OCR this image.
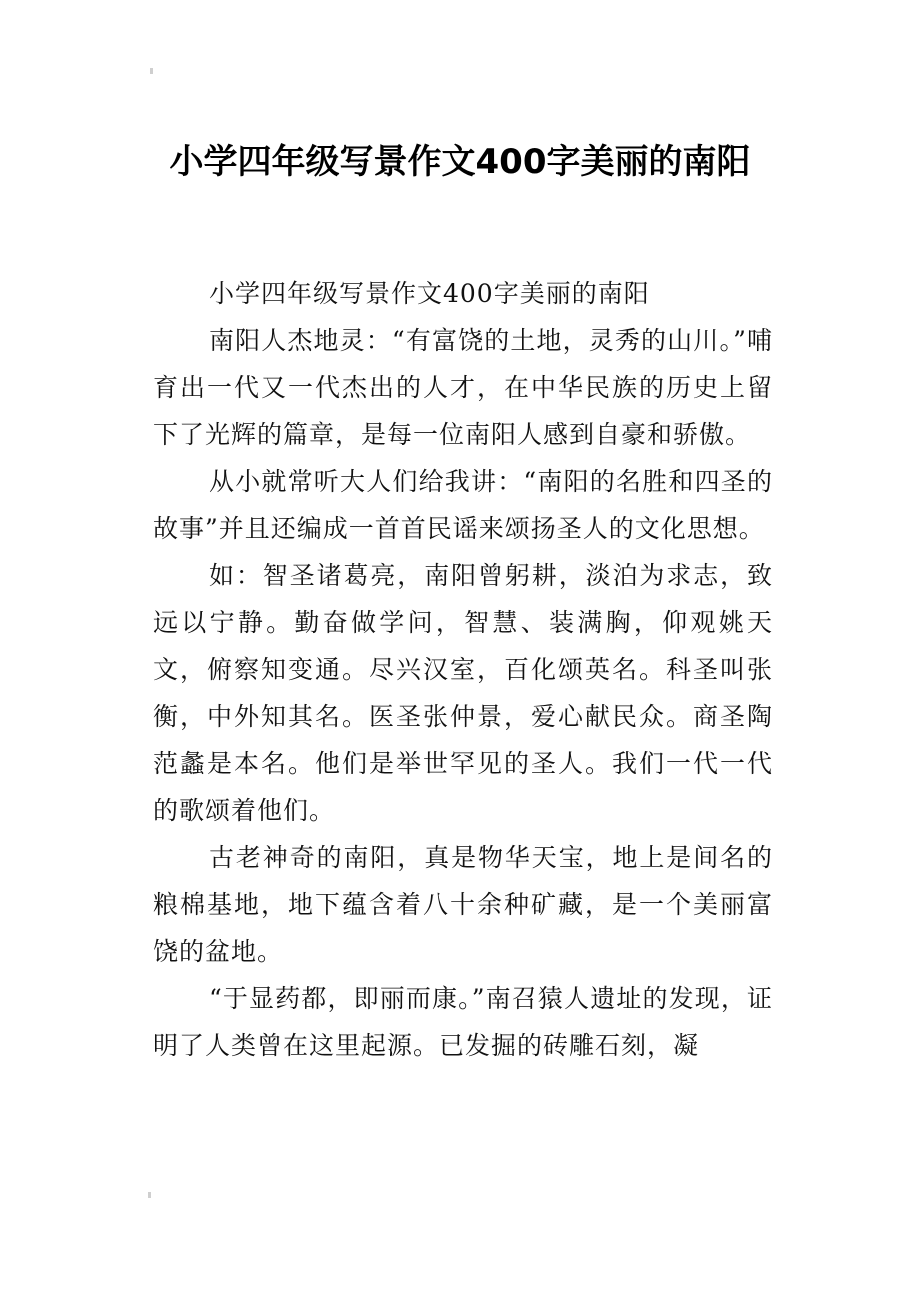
小学四年级写景作文400字美丽的南阳

小学四年级写景作文400字美丽的南阳

南阳人杰地灵：“有富饶的土地，灵秀的山川。”哺育出一代又一代杰出的人才，在中华民族的历史上留下了光辉的篇章，是每一位南阳人感到自豪和骄傲。

从小就常听大人们给我讲：“南阳的名胜和四圣的故事”并且还编成一首首民谣来颂扬圣人的文化思想。

如：智圣诸葛亮，南阳曾躬耕，淡泊为求志，致远以宁静。勤奋做学问，智慧、装满胸，仰观姚天文，俯察知变通。尽兴汉室，百化颂英名。科圣叫张衡，中外知其名。医圣张仲景，爱心献民众。商圣陶范蠡是本名。他们是举世罕见的圣人。我们一代一代的歌颂着他们。

古老神奇的南阳，真是物华天宝，地上是间名的粮棉基地，地下蕴含着八十余种矿藏，是一个美丽富饶的盆地。

“于显药都，即丽而康。”南召猿人遗址的发现，证明了人类曾在这里起源。已发掘的砖雕石刻，凝
